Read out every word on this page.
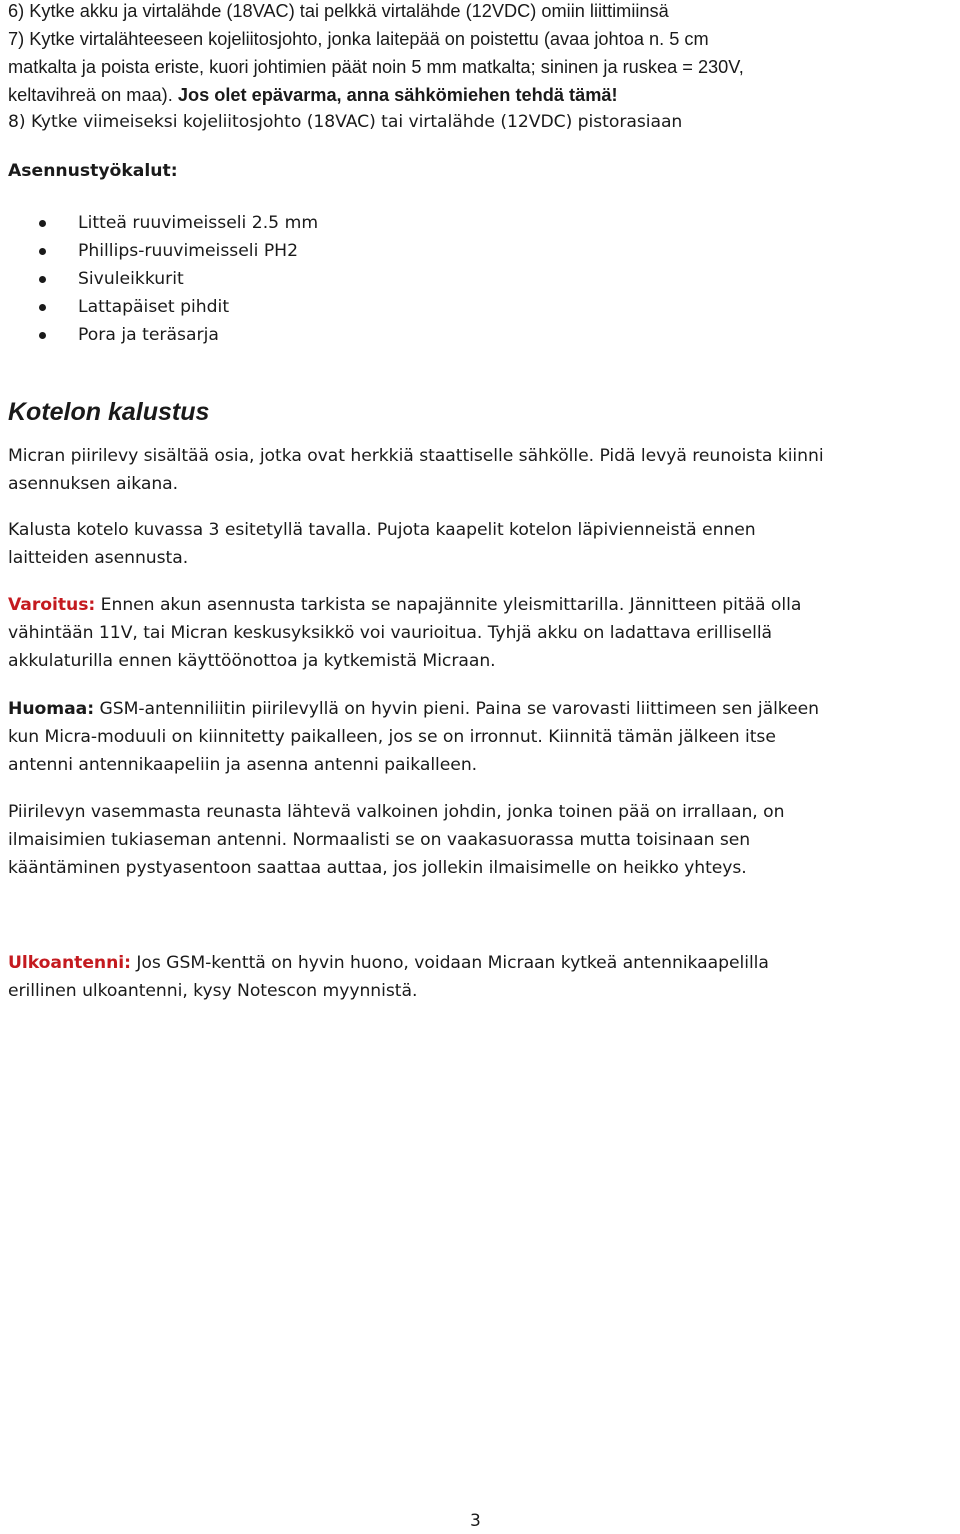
6) Kytke akku ja virtalähde (18VAC) tai pelkkä virtalähde (12VDC) omiin liittimiinsä
7) Kytke virtalähteeseen kojeliitosjohto, jonka laitepää on poistettu (avaa johtoa n. 5 cm
matkalta ja poista eriste, kuori johtimien päät noin 5 mm matkalta; sininen ja ruskea = 230V,
keltavihreä on maa). Jos olet epävarma, anna sähkömiehen tehdä tämä!
8) Kytke viimeiseksi kojeliitosjohto (18VAC) tai virtalähde (12VDC) pistorasiaan
Asennustyökalut:
Litteä ruuvimeisseli 2.5 mm
Phillips-ruuvimeisseli PH2
Sivuleikkurit
Lattapäiset pihdit
Pora ja teräsarja
Kotelon kalustus
Micran piirilevy sisältää osia, jotka ovat herkkiä staattiselle sähkölle. Pidä levyä reunoista kiinni
asennuksen aikana.
Kalusta kotelo kuvassa 3 esitetyllä tavalla. Pujota kaapelit kotelon läpivienneistä ennen
laitteiden asennusta.
Varoitus: Ennen akun asennusta tarkista se napajännite yleismittarilla. Jännitteen pitää olla
vähintään 11V, tai Micran keskusyksikkö voi vaurioitua. Tyhjä akku on ladattava erillisellä
akkulaturilla ennen käyttöönottoa ja kytkemistä Micraan.
Huomaa: GSM-antenniliitin piirilevyllä on hyvin pieni. Paina se varovasti liittimeen sen jälkeen
kun Micra-moduuli on kiinnitetty paikalleen, jos se on irronnut. Kiinnitä tämän jälkeen itse
antenni antennikaapeliin ja asenna antenni paikalleen.
Piirilevyn vasemmasta reunasta lähtevä valkoinen johdin, jonka toinen pää on irrallaan, on
ilmaisimien tukiaseman antenni. Normaalisti se on vaakasuorassa mutta toisinaan sen
kääntäminen pystyasentoon saattaa auttaa, jos jollekin ilmaisimelle on heikko yhteys.
Ulkoantenni: Jos GSM-kenttä on hyvin huono, voidaan Micraan kytkeä antennikaapelilla
erillinen ulkoantenni, kysy Notescon myynnistä.
3
